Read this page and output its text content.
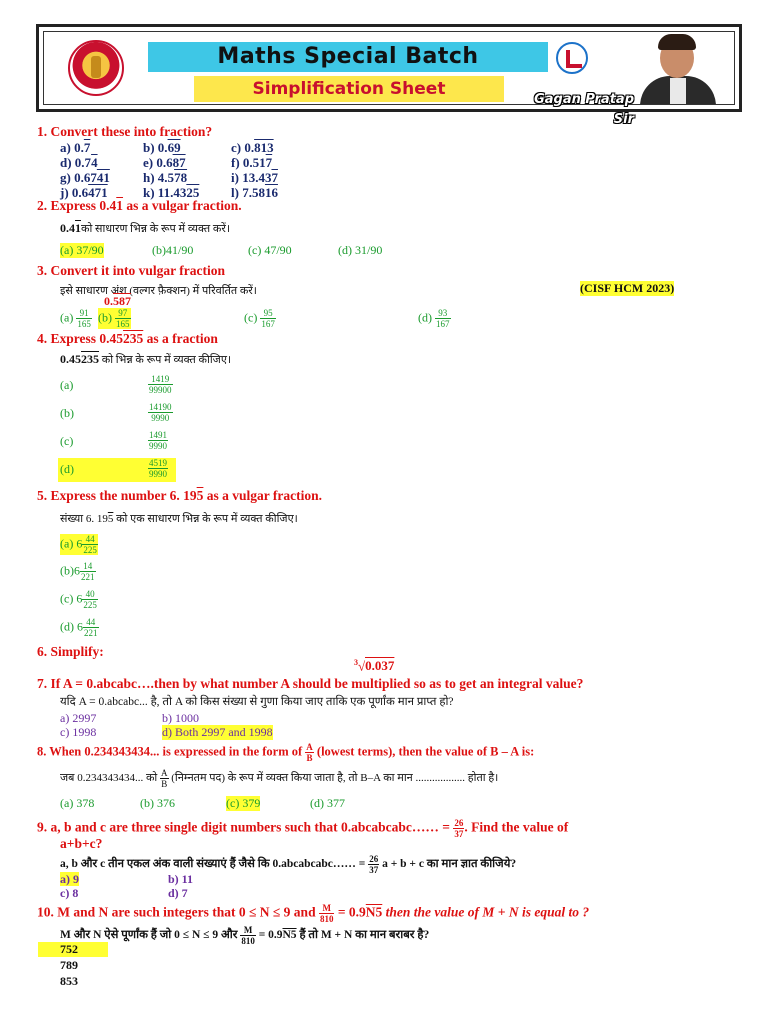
Maths Special Batch
Simplification Sheet
Gagan Pratap Sir
1. Convert these into fraction?
a) 0.7	b) 0.69	c) 0.813
d) 0.74	e) 0.687	f) 0.517
g) 0.6741	h) 4.578	i) 13.437
j) 0.6471	k) 11.4325 l) 7.5816
2. Express 0.41 as a vulgar fraction.
0.41को साधारण भिन्न के रूप में व्यक्त करें।
(a) 37/90	(b)41/90	(c) 47/90	(d) 31/90
3. Convert it into vulgar fraction
इसे साधारण अंश (वल्गर फ़ैक्शन) में परिवर्तित करें।	(CISF HCM 2023)
0.587
$(a) \frac{91}{165} (b) \frac{97}{165}$	$(c) \frac{95}{167}$	$(d) \frac{93}{167}$
4. Express 0.45235 as a fraction
0.45235 को भिन्न के रूप में व्यक्त कीजिए।
(a)	$\frac{1419}{99900}$
(b)	$\frac{14190}{9990}$
(c)	$\frac{1491}{9990}$
(d)	$\frac{4519}{9990}$
5. Express the number 6. 195 as a vulgar fraction.
संख्या 6. 195 को एक साधारण भिन्न के रूप में व्यक्त कीजिए।
(a) $6 \frac{44}{225}$
$(b)6 \frac{14}{221}$
(c) $6 \frac{40}{225}$
(d) $6 \frac{44}{221}$
6. Simplify:
$^3$√0.037
7. If A = 0.abcabc….then by what number A should be multiplied so as to get an integral value?
यदि A = 0.abcabc... है, तो A को किस संख्या से गुणा किया जाए ताकि एक पूर्णांक मान प्राप्त हो?
a) 2997	b) 1000
c) 1998	d) Both 2997 and 1998
8. When 0.234343434... is expressed in the form of $\frac{A}{B}$ (lowest terms), then the value of B – A is:
जब 0.234343434... को $\frac{A}{B}$ (निम्नतम पद) के रूप में व्यक्त किया जाता है, तो B–A का मान .................. होता है।
(a) 378	(b) 376	(c) 379	(d) 377
9. a, b and c are three single digit numbers such that 0.abcabcabc…… = $\frac{26}{37}$ . Find the value of
a+b+c?
a, b और c तीन एकल अंक वाली संख्याएं हैं जैसे कि 0.abcabcabc…… = $\frac{26}{37}$ a + b + c का मान ज्ञात कीजिये?
a) 9	b) 11
c) 8	d) 7
10. M and N are such integers that 0 ≤ N ≤ 9 and $\frac{M}{810} = 0.9N5$ then the value of M + N is equal to ?
M और N ऐसे पूर्णांक हैं जो 0 ≤ N ≤ 9 और $\frac{M}{810} = 0.9N5$ हैं तो M + N का मान बराबर है?
752
789
853
